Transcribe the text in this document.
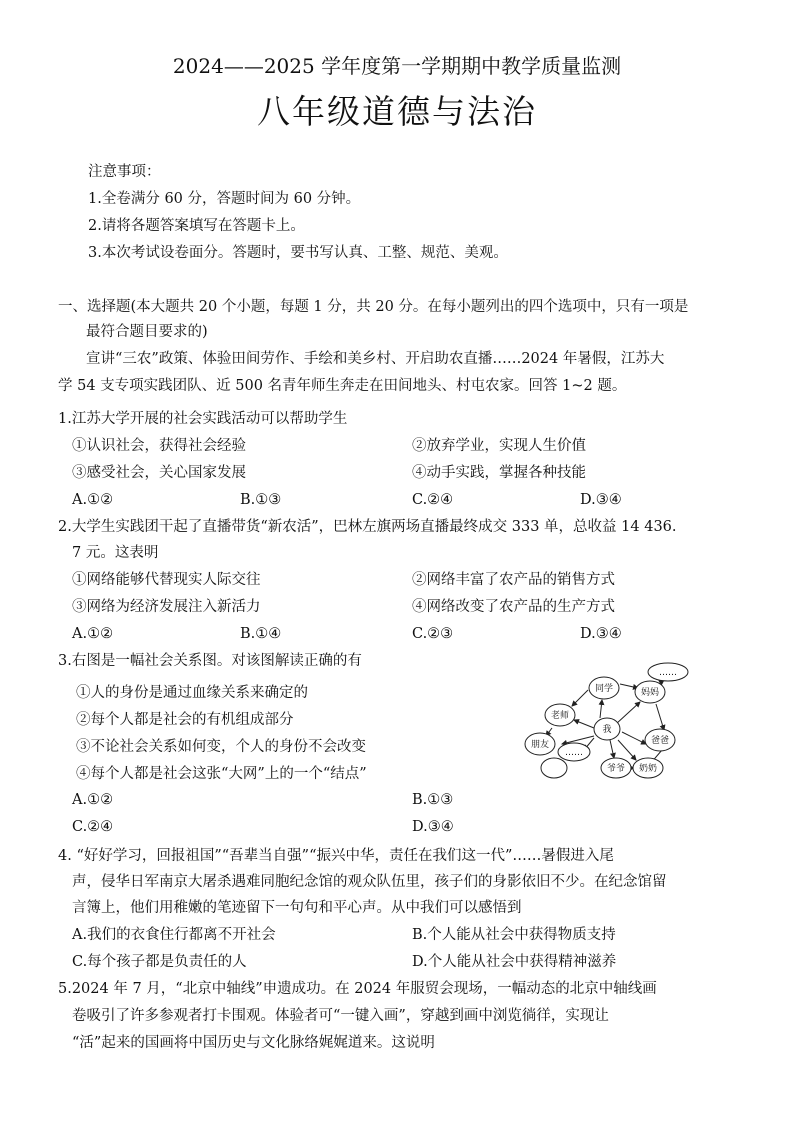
2024——2025 学年度第一学期期中教学质量监测
八年级道德与法治
注意事项：
1.全卷满分 60 分，答题时间为 60 分钟。
2.请将各题答案填写在答题卡上。
3.本次考试设卷面分。答题时，要书写认真、工整、规范、美观。
一、选择题(本大题共 20 个小题，每题 1 分，共 20 分。在每小题列出的四个选项中，只有一项是
最符合题目要求的)
宣讲“三农”政策、体验田间劳作、手绘和美乡村、开启助农直播……2024 年暑假，江苏大
学 54 支专项实践团队、近 500 名青年师生奔走在田间地头、村屯农家。回答 1~2 题。
1.江苏大学开展的社会实践活动可以帮助学生
①认识社会，获得社会经验	②放弃学业，实现人生价值
③感受社会，关心国家发展	④动手实践，掌握各种技能
A.①②	B.①③	C.②④	D.③④
2.大学生实践团干起了直播带货“新农活”，巴林左旗两场直播最终成交 333 单，总收益 14 436.
7 元。这表明
①网络能够代替现实人际交往	②网络丰富了农产品的销售方式
③网络为经济发展注入新活力	④网络改变了农产品的生产方式
A.①②	B.①④	C.②③	D.③④
3.右图是一幅社会关系图。对该图解读正确的有
①人的身份是通过血缘关系来确定的
②每个人都是社会的有机组成部分
③不论社会关系如何变，个人的身份不会改变
④每个人都是社会这张“大网”上的一个“结点”
A.①②	B.①③
C.②④	D.③④
……
同学	妈妈
老师
我
爸爸
朋友
……
爷爷 奶奶
4. “好好学习，回报祖国”“吾辈当自强”“振兴中华，责任在我们这一代”……暑假进入尾
声，侵华日军南京大屠杀遇难同胞纪念馆的观众队伍里，孩子们的身影依旧不少。在纪念馆留
言簿上，他们用稚嫩的笔迹留下一句句和平心声。从中我们可以感悟到
A.我们的衣食住行都离不开社会	B.个人能从社会中获得物质支持
C.每个孩子都是负责任的人	D.个人能从社会中获得精神滋养
5.2024 年 7 月，“北京中轴线”申遗成功。在 2024 年服贸会现场，一幅动态的北京中轴线画
卷吸引了许多参观者打卡围观。体验者可“一键入画”，穿越到画中浏览徜徉，实现让
“活”起来的国画将中国历史与文化脉络娓娓道来。这说明
